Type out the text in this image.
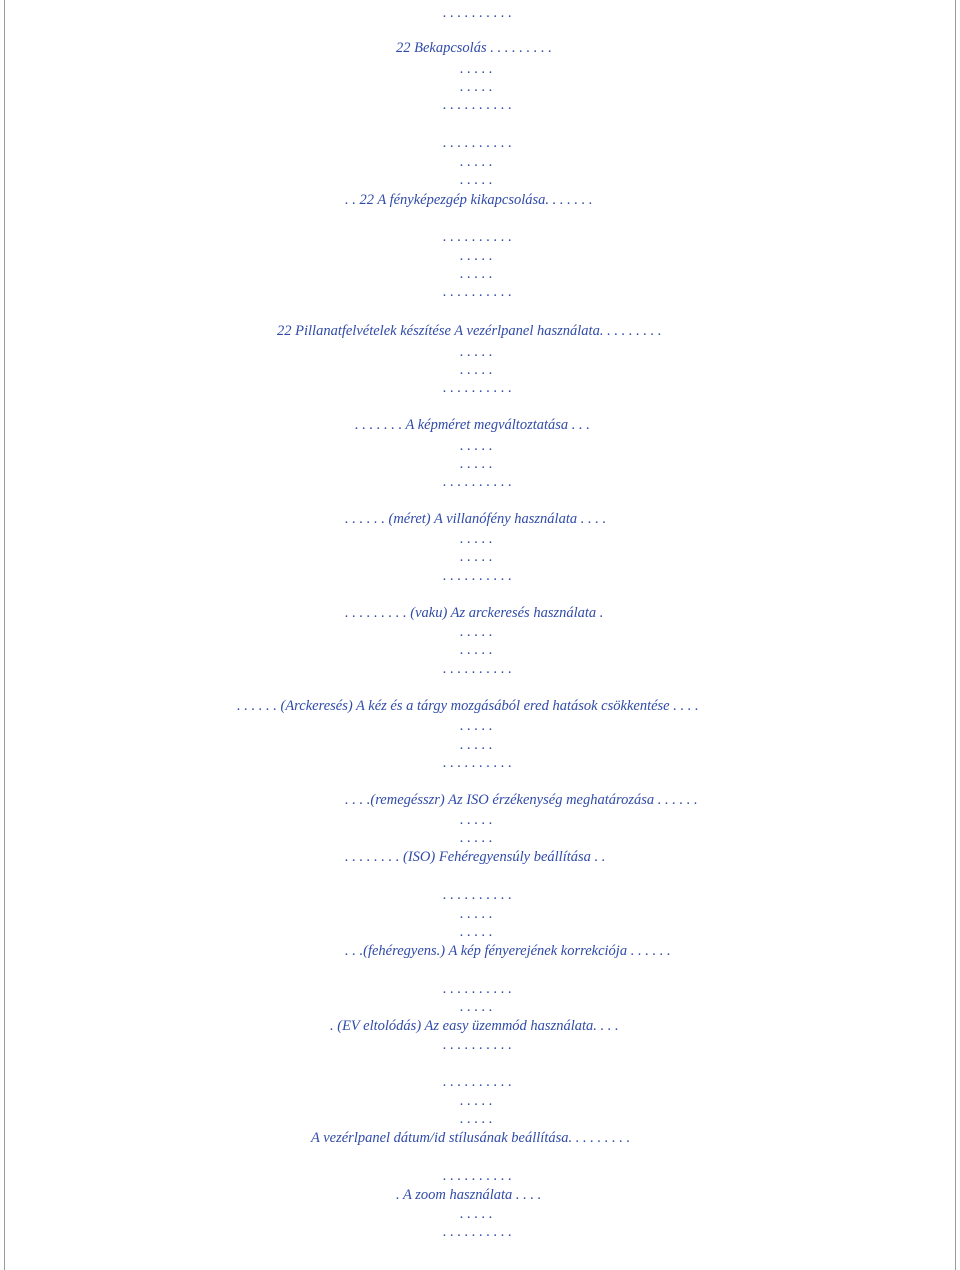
. . . . . . . . . .
22 Bekapcsolás . . . . . . . . .
. . . . .
. . . . .
. . . . . . . . . .
. . . . . . . . . .
. . . . .
. . . . .
. . 22 A fényképezgép kikapcsolása. . . . . . .
. . . . . . . . . .
. . . . .
. . . . .
. . . . . . . . . .
22 Pillanatfelvételek készítése A vezérlpanel használata. . . . . . . . .
. . . . .
. . . . .
. . . . . . . . . .
. . . . . . . A képméret megváltoztatása . . .
. . . . .
. . . . .
. . . . . . . . . .
. . . . . . (méret) A villanófény használata . . . .
. . . . .
. . . . .
. . . . . . . . . .
. . . . . . . . . (vaku) Az arckeresés használata .
. . . . .
. . . . .
. . . . . . . . . .
. . . . . . (Arckeresés) A kéz és a tárgy mozgásából ered hatások csökkentése . . . .
. . . . .
. . . . .
. . . . . . . . . .
. . . .(remegésszr) Az ISO érzékenység meghatározása . . . . . .
. . . . .
. . . . .
. . . . . . . . (ISO) Fehéregyensúly beállítása . .
. . . . . . . . . .
. . . . .
. . . . .
. . .(fehéregyens.) A kép fényerejének korrekciója . . . . . .
. . . . . . . . . .
. . . . .
. (EV eltolódás) Az easy üzemmód használata. . . .
. . . . . . . . . .
. . . . . . . . . .
. . . . .
. . . . .
A vezérlpanel dátum/id stílusának beállítása. . . . . . . . .
. . . . . . . . . .
. A zoom használata . . . .
. . . . .
. . . . . . . . . .
